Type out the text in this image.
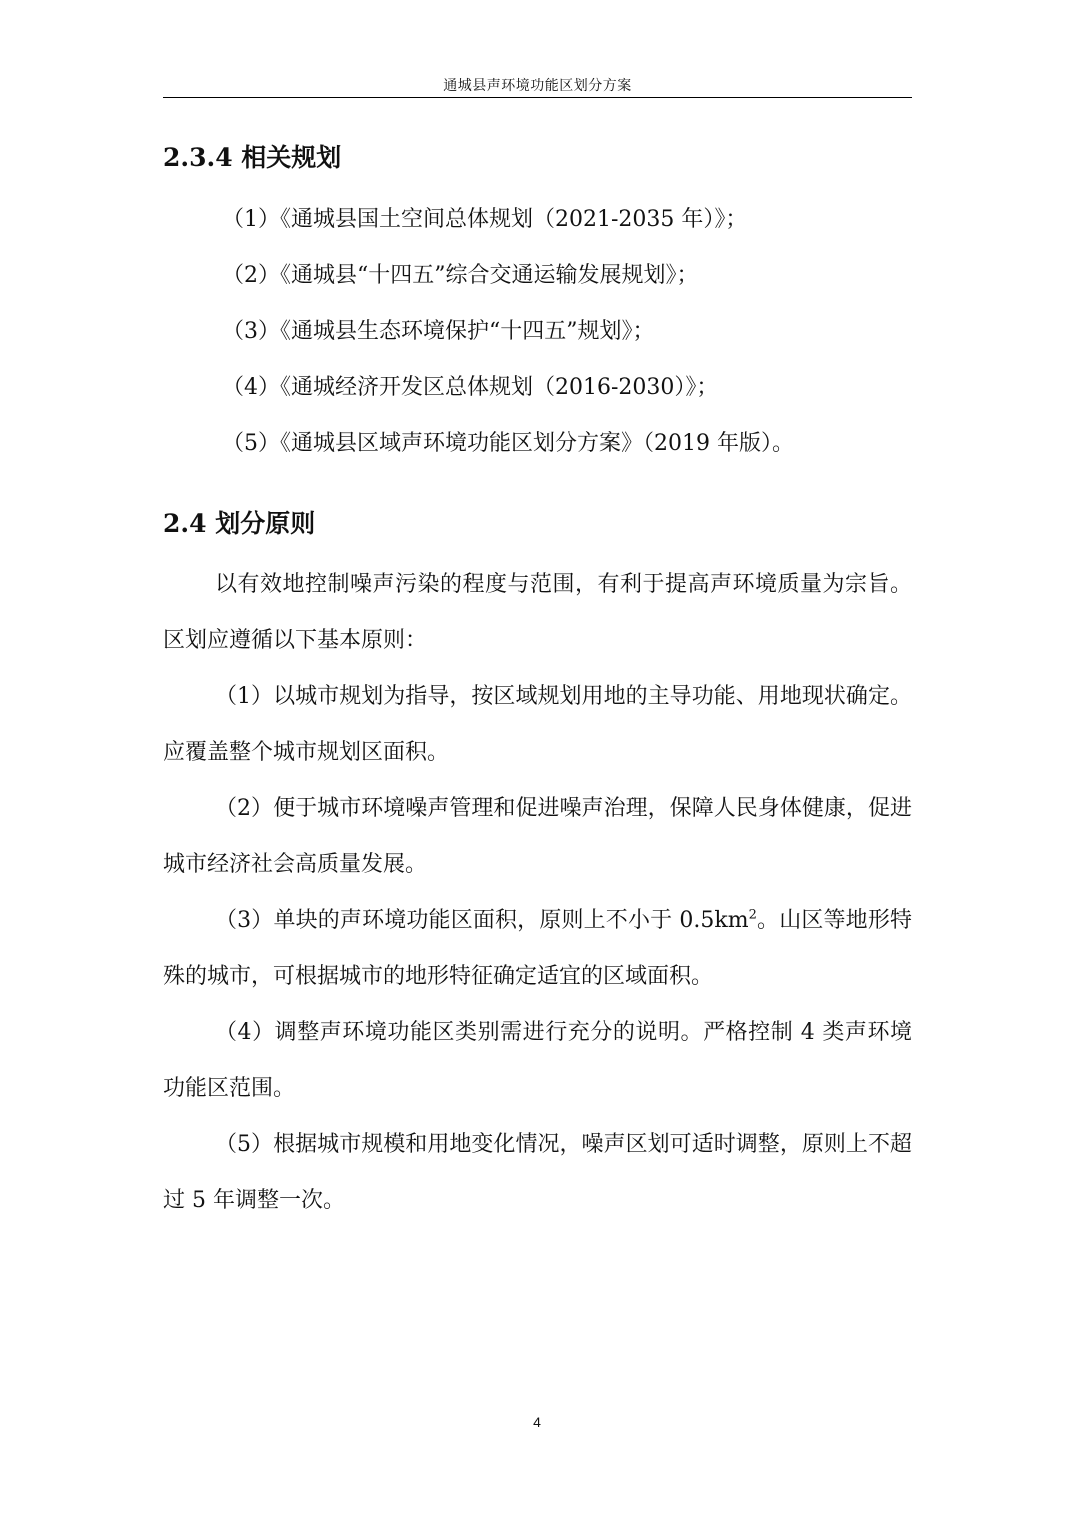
通城县声环境功能区划分方案
2.3.4 相关规划
（1）《通城县国土空间总体规划（2021-2035 年）》；
（2）《通城县“十四五”综合交通运输发展规划》；
（3）《通城县生态环境保护“十四五”规划》；
（4）《通城经济开发区总体规划（2016-2030）》；
（5）《通城县区域声环境功能区划分方案》（2019 年版）。
2.4 划分原则

以有效地控制噪声污染的程度与范围，有利于提高声环境质量为宗旨。区划应遵循以下基本原则：

（1）以城市规划为指导，按区域规划用地的主导功能、用地现状确定。应覆盖整个城市规划区面积。

（2）便于城市环境噪声管理和促进噪声治理，保障人民身体健康，促进城市经济社会高质量发展。

（3）单块的声环境功能区面积，原则上不小于 $0.5km^2$。山区等地形特殊的城市，可根据城市的地形特征确定适宜的区域面积。

（4）调整声环境功能区类别需进行充分的说明。严格控制 4 类声环境功能区范围。

（5）根据城市规模和用地变化情况，噪声区划可适时调整，原则上不超过 5 年调整一次。

4
